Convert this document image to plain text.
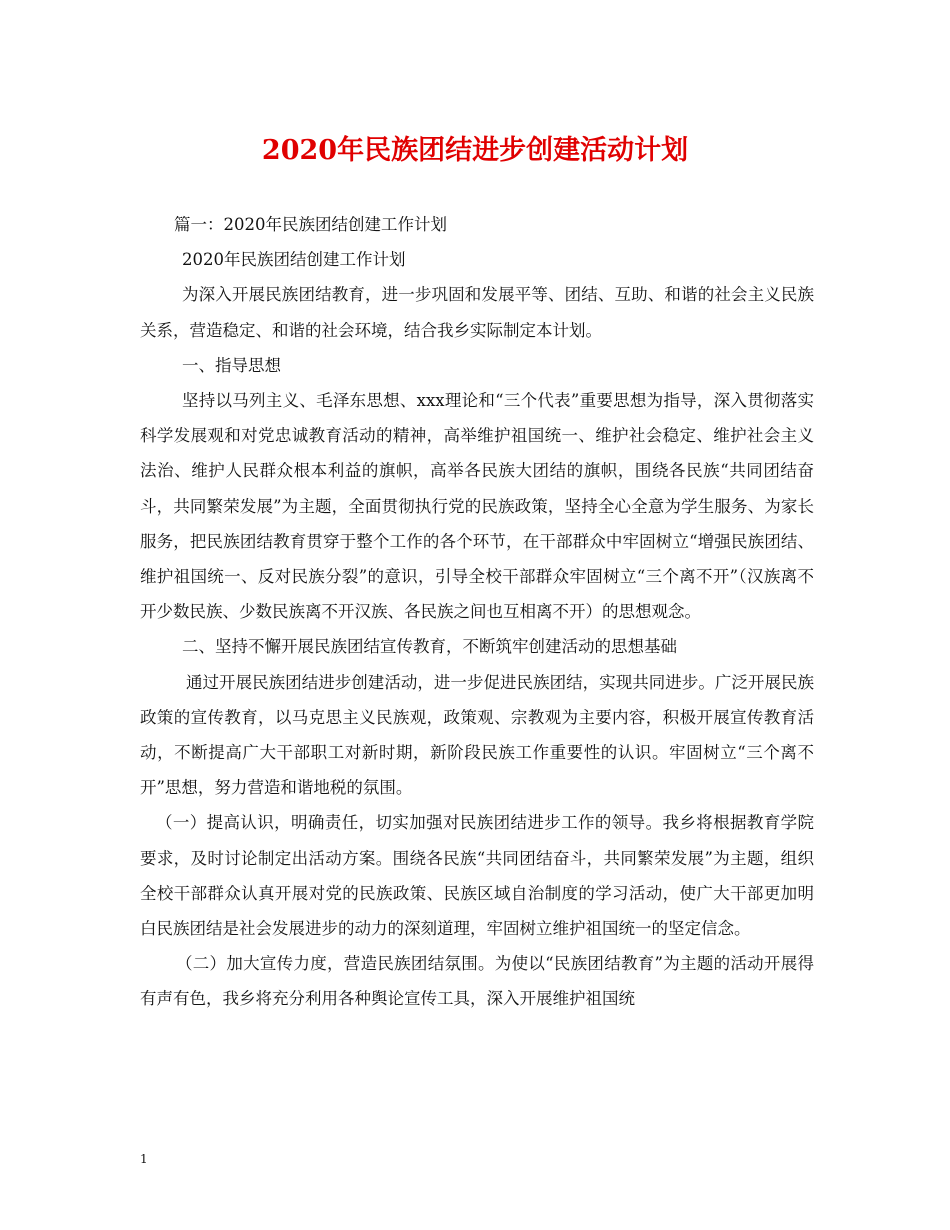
2020年民族团结进步创建活动计划

篇一：2020年民族团结创建工作计划

2020年民族团结创建工作计划

为深入开展民族团结教育，进一步巩固和发展平等、团结、互助、和谐的社会主义民族关系，营造稳定、和谐的社会环境，结合我乡实际制定本计划。

一、指导思想

坚持以马列主义、毛泽东思想、xxx理论和“三个代表”重要思想为指导，深入贯彻落实科学发展观和对党忠诚教育活动的精神，高举维护祖国统一、维护社会稳定、维护社会主义法治、维护人民群众根本利益的旗帜，高举各民族大团结的旗帜，围绕各民族“共同团结奋斗，共同繁荣发展”为主题，全面贯彻执行党的民族政策，坚持全心全意为学生服务、为家长服务，把民族团结教育贯穿于整个工作的各个环节，在干部群众中牢固树立“增强民族团结、维护祖国统一、反对民族分裂”的意识，引导全校干部群众牢固树立“三个离不开”（汉族离不开少数民族、少数民族离不开汉族、各民族之间也互相离不开）的思想观念。

二、坚持不懈开展民族团结宣传教育，不断筑牢创建活动的思想基础

通过开展民族团结进步创建活动，进一步促进民族团结，实现共同进步。广泛开展民族政策的宣传教育，以马克思主义民族观，政策观、宗教观为主要内容，积极开展宣传教育活动，不断提高广大干部职工对新时期，新阶段民族工作重要性的认识。牢固树立“三个离不开”思想，努力营造和谐地税的氛围。

（一）提高认识，明确责任，切实加强对民族团结进步工作的领导。我乡将根据教育学院要求，及时讨论制定出活动方案。围绕各民族“共同团结奋斗，共同繁荣发展”为主题，组织全校干部群众认真开展对党的民族政策、民族区域自治制度的学习活动，使广大干部更加明白民族团结是社会发展进步的动力的深刻道理，牢固树立维护祖国统一的坚定信念。

（二）加大宣传力度，营造民族团结氛围。为使以“民族团结教育”为主题的活动开展得有声有色，我乡将充分利用各种舆论宣传工具，深入开展维护祖国统

1
